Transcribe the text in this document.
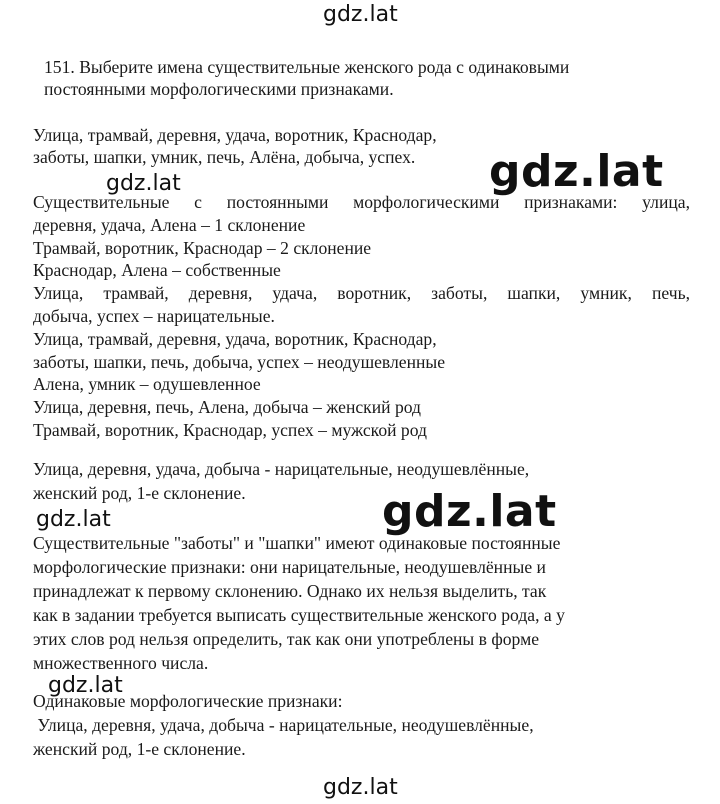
gdz.lat
gdz.lat
gdz.lat
gdz.lat
gdz.lat
gdz.lat
gdz.lat
151. Выберите имена существительные женского рода с одинаковыми
постоянными морфологическими признаками.
Улица, трамвай, деревня, удача, воротник, Краснодар,
заботы, шапки, умник, печь, Алёна, добыча, успех.
Существительные с постоянными морфологическими признаками: улица,
деревня, удача, Алена – 1 склонение
Трамвай, воротник, Краснодар – 2 склонение
Краснодар, Алена – собственные
Улица, трамвай, деревня, удача, воротник, заботы, шапки, умник, печь,
добыча, успех – нарицательные.
Улица, трамвай, деревня, удача, воротник, Краснодар,
заботы, шапки, печь, добыча, успех – неодушевленные
Алена, умник – одушевленное
Улица, деревня, печь, Алена, добыча – женский род
Трамвай, воротник, Краснодар, успех – мужской род
Улица, деревня, удача, добыча - нарицательные, неодушевлённые,
женский род, 1-е склонение.
Существительные "заботы" и "шапки" имеют одинаковые постоянные
морфологические признаки: они нарицательные, неодушевлённые и
принадлежат к первому склонению. Однако их нельзя выделить, так
как в задании требуется выписать существительные женского рода, а у
этих слов род нельзя определить, так как они употреблены в форме
множественного числа.
Одинаковые морфологические признаки:
Улица, деревня, удача, добыча - нарицательные, неодушевлённые,
женский род, 1-е склонение.
